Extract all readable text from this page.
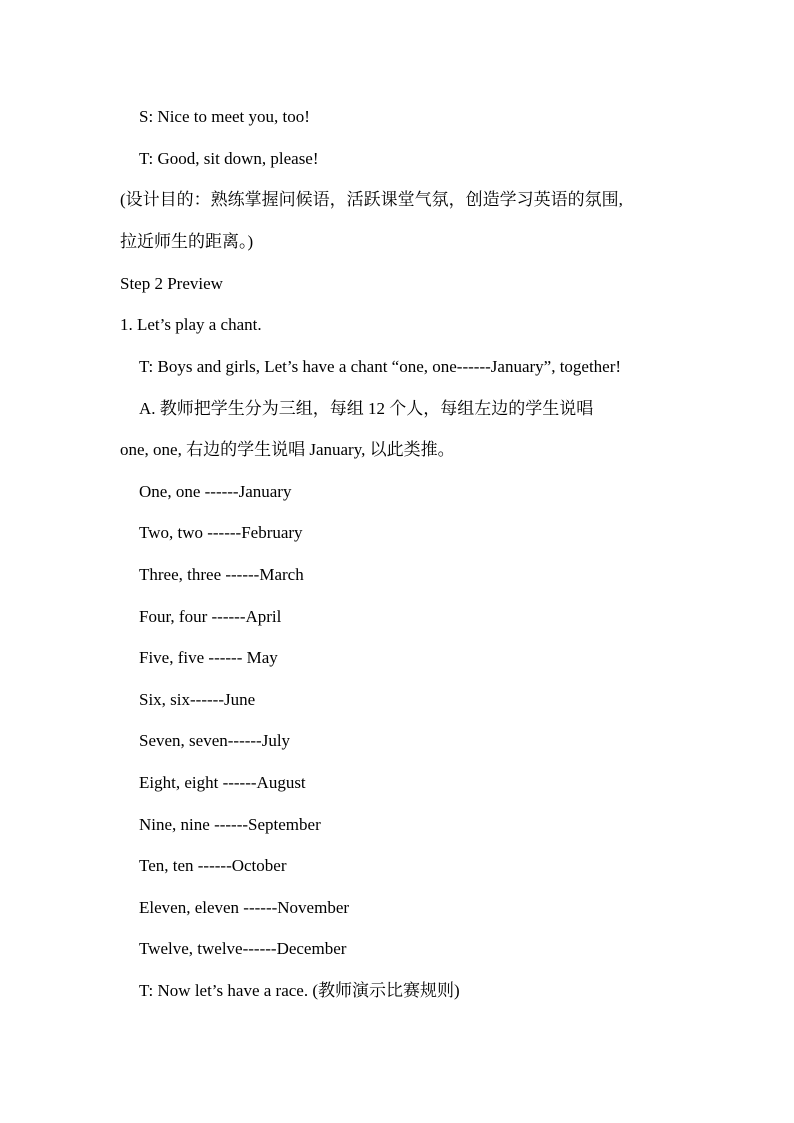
S: Nice to meet you, too!
T: Good, sit down, please!
(设计目的：熟练掌握问候语，活跃课堂气氛，创造学习英语的氛围,
拉近师生的距离。)
Step 2 Preview
1. Let’s play a chant.
T: Boys and girls, Let’s have a chant “one, one------January”, together!
A. 教师把学生分为三组，每组 12 个人，每组左边的学生说唱
one, one, 右边的学生说唱 January, 以此类推。
One, one ------January
Two, two ------February
Three, three ------March
Four, four ------April
Five, five ------ May
Six, six------June
Seven, seven------July
Eight, eight ------August
Nine, nine ------September
Ten, ten ------October
Eleven, eleven ------November
Twelve, twelve------December
T: Now let’s have a race. (教师演示比赛规则)
